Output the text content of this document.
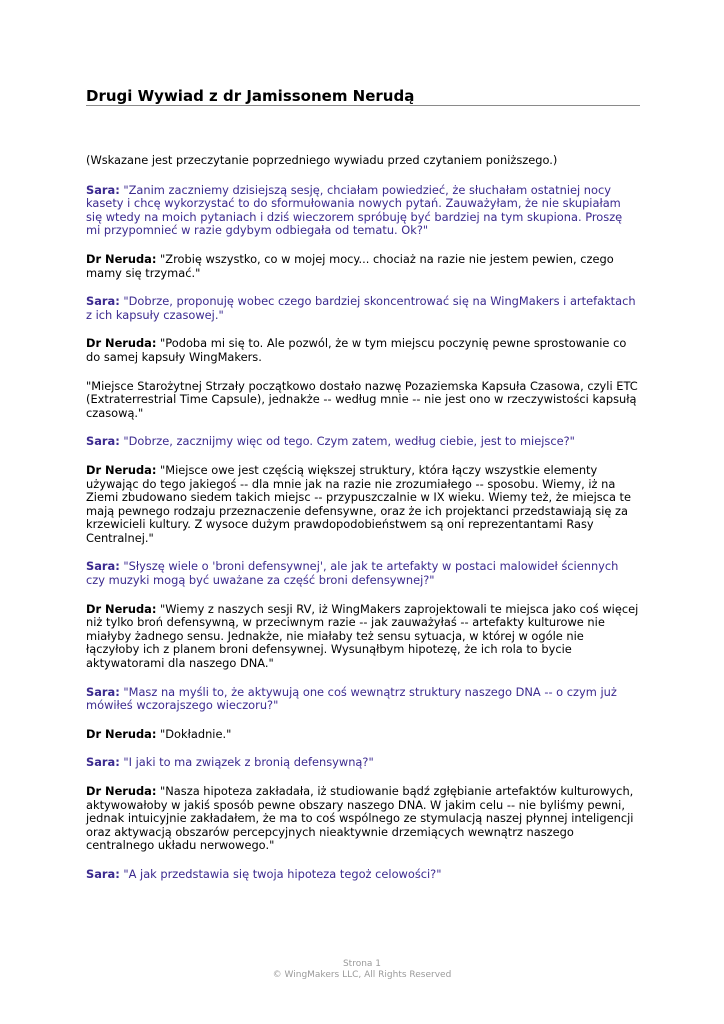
Drugi Wywiad z dr Jamissonem Nerudą

(Wskazane jest przeczytanie poprzedniego wywiadu przed czytaniem poniższego.)

Sara: "Zanim zaczniemy dzisiejszą sesję, chciałam powiedzieć, że słuchałam ostatniej nocy kasety i chcę wykorzystać to do sformułowania nowych pytań. Zauważyłam, że nie skupiałam się wtedy na moich pytaniach i dziś wieczorem spróbuję być bardziej na tym skupiona. Proszę mi przypomnieć w razie gdybym odbiegała od tematu. Ok?"

Dr Neruda: "Zrobię wszystko, co w mojej mocy... chociaż na razie nie jestem pewien, czego mamy się trzymać."

Sara: "Dobrze, proponuję wobec czego bardziej skoncentrować się na WingMakers i artefaktach z ich kapsuły czasowej."

Dr Neruda: "Podoba mi się to. Ale pozwól, że w tym miejscu poczynię pewne sprostowanie co do samej kapsuły WingMakers.

"Miejsce Starożytnej Strzały początkowo dostało nazwę Pozaziemska Kapsuła Czasowa, czyli ETC (Extraterrestrial Time Capsule), jednakże -- według mnie -- nie jest ono w rzeczywistości kapsułą czasową."

Sara: "Dobrze, zacznijmy więc od tego. Czym zatem, według ciebie, jest to miejsce?"

Dr Neruda: "Miejsce owe jest częścią większej struktury, która łączy wszystkie elementy używając do tego jakiegoś -- dla mnie jak na razie nie zrozumiałego -- sposobu. Wiemy, iż na Ziemi zbudowano siedem takich miejsc -- przypuszczalnie w IX wieku. Wiemy też, że miejsca te mają pewnego rodzaju przeznaczenie defensywne, oraz że ich projektanci przedstawiają się za krzewicieli kultury. Z wysoce dużym prawdopodobieństwem są oni reprezentantami Rasy Centralnej."

Sara: "Słyszę wiele o 'broni defensywnej', ale jak te artefakty w postaci malowideł ściennych czy muzyki mogą być uważane za część broni defensywnej?"

Dr Neruda: "Wiemy z naszych sesji RV, iż WingMakers zaprojektowali te miejsca jako coś więcej niż tylko broń defensywną, w przeciwnym razie -- jak zauważyłaś -- artefakty kulturowe nie miałyby żadnego sensu. Jednakże, nie miałaby też sensu sytuacja, w której w ogóle nie łączyłoby ich z planem broni defensywnej. Wysunąłbym hipotezę, że ich rola to bycie aktywatorami dla naszego DNA."

Sara: "Masz na myśli to, że aktywują one coś wewnątrz struktury naszego DNA -- o czym już mówiłeś wczorajszego wieczoru?"

Dr Neruda: "Dokładnie."

Sara: "I jaki to ma związek z bronią defensywną?"

Dr Neruda: "Nasza hipoteza zakładała, iż studiowanie bądź zgłębianie artefaktów kulturowych, aktywowałoby w jakiś sposób pewne obszary naszego DNA. W jakim celu -- nie byliśmy pewni, jednak intuicyjnie zakładałem, że ma to coś wspólnego ze stymulacją naszej płynnej inteligencji oraz aktywacją obszarów percepcyjnych nieaktywnie drzemiących wewnątrz naszego centralnego układu nerwowego."

Sara: "A jak przedstawia się twoja hipoteza tegoż celowości?"

Strona 1
© WingMakers LLC, All Rights Reserved
